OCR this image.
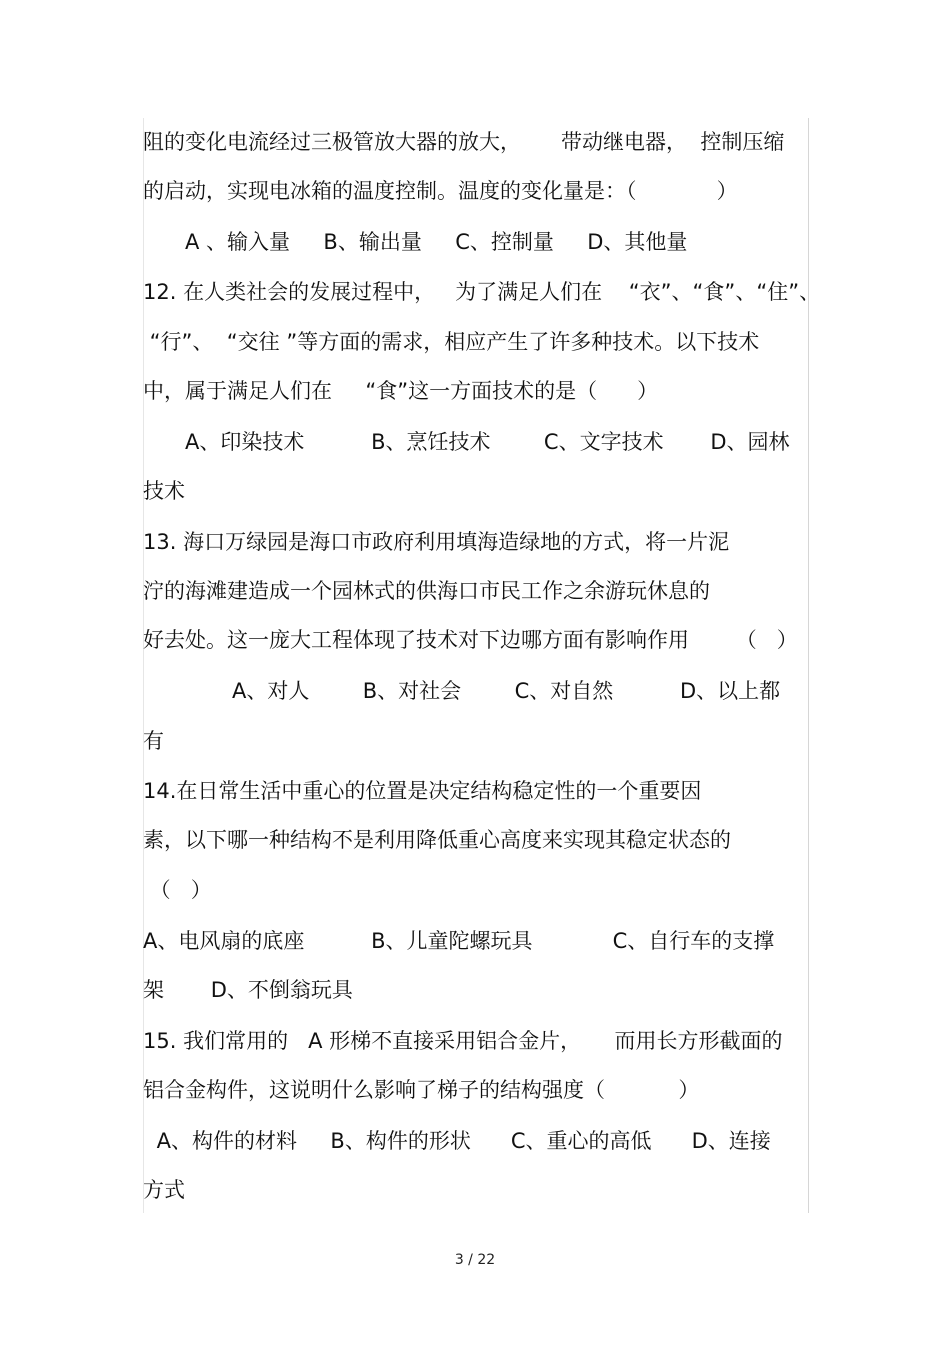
阻的变化电流经过三极管放大器的放大，      带动继电器，  控制压缩
的启动，实现电冰箱的温度控制。温度的变化量是：（            ）
A 、输入量     B、输出量     C、控制量     D、其他量
12. 在人类社会的发展过程中，   为了满足人们在    “衣”、“食”、“住”、
“行”、  “交往 ”等方面的需求，相应产生了许多种技术。以下技术
中，属于满足人们在     “食”这一方面技术的是（      ）
A、印染技术          B、烹饪技术        C、文字技术       D、园林
技术
13. 海口万绿园是海口市政府利用填海造绿地的方式，将一片泥
泞的海滩建造成一个园林式的供海口市民工作之余游玩休息的
好去处。这一庞大工程体现了技术对下边哪方面有影响作用       （   ）
A、对人        B、对社会        C、对自然          D、以上都
有
14.在日常生活中重心的位置是决定结构稳定性的一个重要因
素，以下哪一种结构不是利用降低重心高度来实现其稳定状态的
（   ）
A、电风扇的底座          B、儿童陀螺玩具            C、自行车的支撑
架       D、不倒翁玩具
15. 我们常用的   A 形梯不直接采用铝合金片，     而用长方形截面的
铝合金构件，这说明什么影响了梯子的结构强度（           ）
A、构件的材料     B、构件的形状      C、重心的高低      D、连接
方式
3 / 22
